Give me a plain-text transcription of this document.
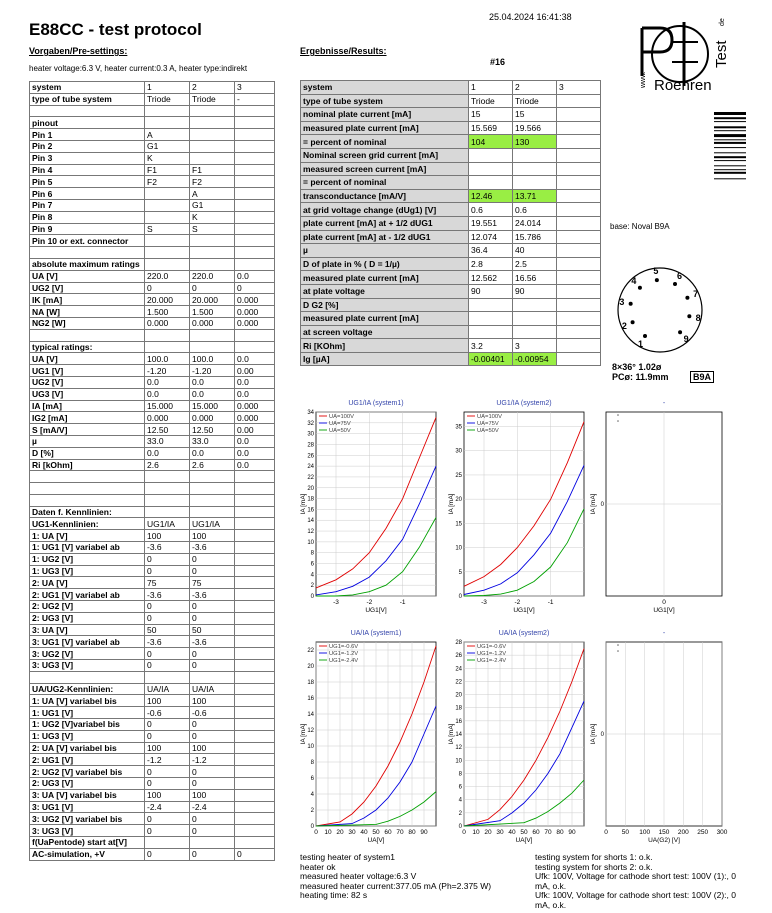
E88CC - test protocol
25.04.2024 16:41:38
Vorgaben/Pre-settings:
heater voltage:6.3 V, heater current:0.3 A, heater type:indirekt
Ergebnisse/Results:
#16	Test
de
www. Roehren
base: Noval B9A
1
2
3
4
5
6
7
8
9
8×36° 1.02ø
PCø: 11.9mm	B9A
system	1	2	3
type of tube system	Triode	Triode	-

pinout			
Pin 1	A		
Pin 2	G1		
Pin 3	K		
Pin 4	F1	F1	
Pin 5	F2	F2	
Pin 6		A	
Pin 7		G1	
Pin 8		K	
Pin 9	S	S	
Pin 10 or ext. connector			

absolute maximum ratings			
UA [V]	220.0	220.0	0.0
UG2 [V]	0	0	0
IK [mA]	20.000	20.000	0.000
NA [W]	1.500	1.500	0.000
NG2 [W]	0.000	0.000	0.000

typical ratings:			
UA [V]	100.0	100.0	0.0
UG1 [V]	-1.20	-1.20	0.00
UG2 [V]	0.0	0.0	0.0
UG3 [V]	0.0	0.0	0.0
IA [mA]	15.000	15.000	0.000
IG2 [mA]	0.000	0.000	0.000
S [mA/V]	12.50	12.50	0.00
µ	33.0	33.0	0.0
D [%]	0.0	0.0	0.0
Ri [kOhm]	2.6	2.6	0.0

Daten f. Kennlinien:			
UG1-Kennlinien:	UG1/IA	UG1/IA	
1: UA [V]	100	100	
1: UG1 [V] variabel ab	-3.6	-3.6	
1: UG2 [V]	0	0	
1: UG3 [V]	0	0	
2: UA [V]	75	75	
2: UG1 [V] variabel ab	-3.6	-3.6	
2: UG2 [V]	0	0	
2: UG3 [V]	0	0	
3: UA [V]	50	50	
3: UG1 [V] variabel ab	-3.6	-3.6	
3: UG2 [V]	0	0	
3: UG3 [V]	0	0	

UA/UG2-Kennlinien:	UA/IA	UA/IA	
1: UA [V] variabel bis	100	100	
1: UG1 [V]	-0.6	-0.6	
1: UG2 [V]variabel bis	0	0	
1: UG3 [V]	0	0	
2: UA [V] variabel bis	100	100	
2: UG1 [V]	-1.2	-1.2	
2: UG2 [V] variabel bis	0	0	
2: UG3 [V]	0	0	
3: UA [V] variabel bis	100	100	
3: UG1 [V]	-2.4	-2.4	
3: UG2 [V] variabel bis	0	0	
3: UG3 [V]	0	0	
f(UaPentode) start at[V]			
AC-simulation, +V	0	0	0
system	1	2	3
type of tube system	Triode	Triode	
nominal plate current [mA]	15	15	
measured plate current [mA]	15.569	19.566	
= percent of nominal	104	130	
Nominal screen grid current [mA]			
measured screen current [mA]			
= percent of nominal			
transconductance [mA/V]	12.46	13.71	
at grid voltage change (dUg1) [V]	0.6	0.6	
plate current [mA] at + 1/2 dUG1	19.551	24.014	
plate current [mA] at - 1/2 dUG1	12.074	15.786	
µ	36.4	40	
D of plate in % ( D = 1/µ)	2.8	2.5	
measured plate current [mA]	12.562	16.56	
at plate voltage	90	90	
D G2 [%]			
measured plate current [mA]			
at screen voltage			
Ri [KOhm]	3.2	3	
Ig [µA]	-0.00401	-0.00954	
UG1/IA (system1)
-3	-2	-1
0
2
4
6
8
10
12
14
16
18
20
22
24
26
28
30
32
34
UG1[V]
IA [mA]
UA=100V
UA=75V
UA=50V
UG1/IA (system2)
-3	-2	-1
0
5
10
15
20
25
30
35
UG1[V]
IA [mA]
UA=100V
UA=75V
UA=50V
-
0
0
UG1[V]
IA [mA]
UA/IA (system1)
0 10 20 30 40 50 60 70 80 90
0
2
4
6
8
10
12
14
16
18
20
22
UA[V]
IA [mA]
UG1=-0.6V
UG1=-1.2V
UG1=-2.4V
UA/IA (system2)
0 10 20 30 40 50 60 70 80 90
0
2
4
6
8
10
12
14
16
18
20
22
24
26
28
UA[V]
IA [mA]
UG1=-0.6V
UG1=-1.2V
UG1=-2.4V
-
0 50 100 150 200 250 300
0
UA(G2) [V]
IA [mA]
testing heater of system1
heater ok
measured heater voltage:6.3 V
measured heater current:377.05 mA (Ph=2.375 W)
heating time: 82 s
testing system for shorts 1: o.k.
testing system for shorts 2: o.k.
Ufk: 100V, Voltage for cathode short test: 100V (1):, 0
mA, o.k.
Ufk: 100V, Voltage for cathode short test: 100V (2):, 0
mA, o.k.
